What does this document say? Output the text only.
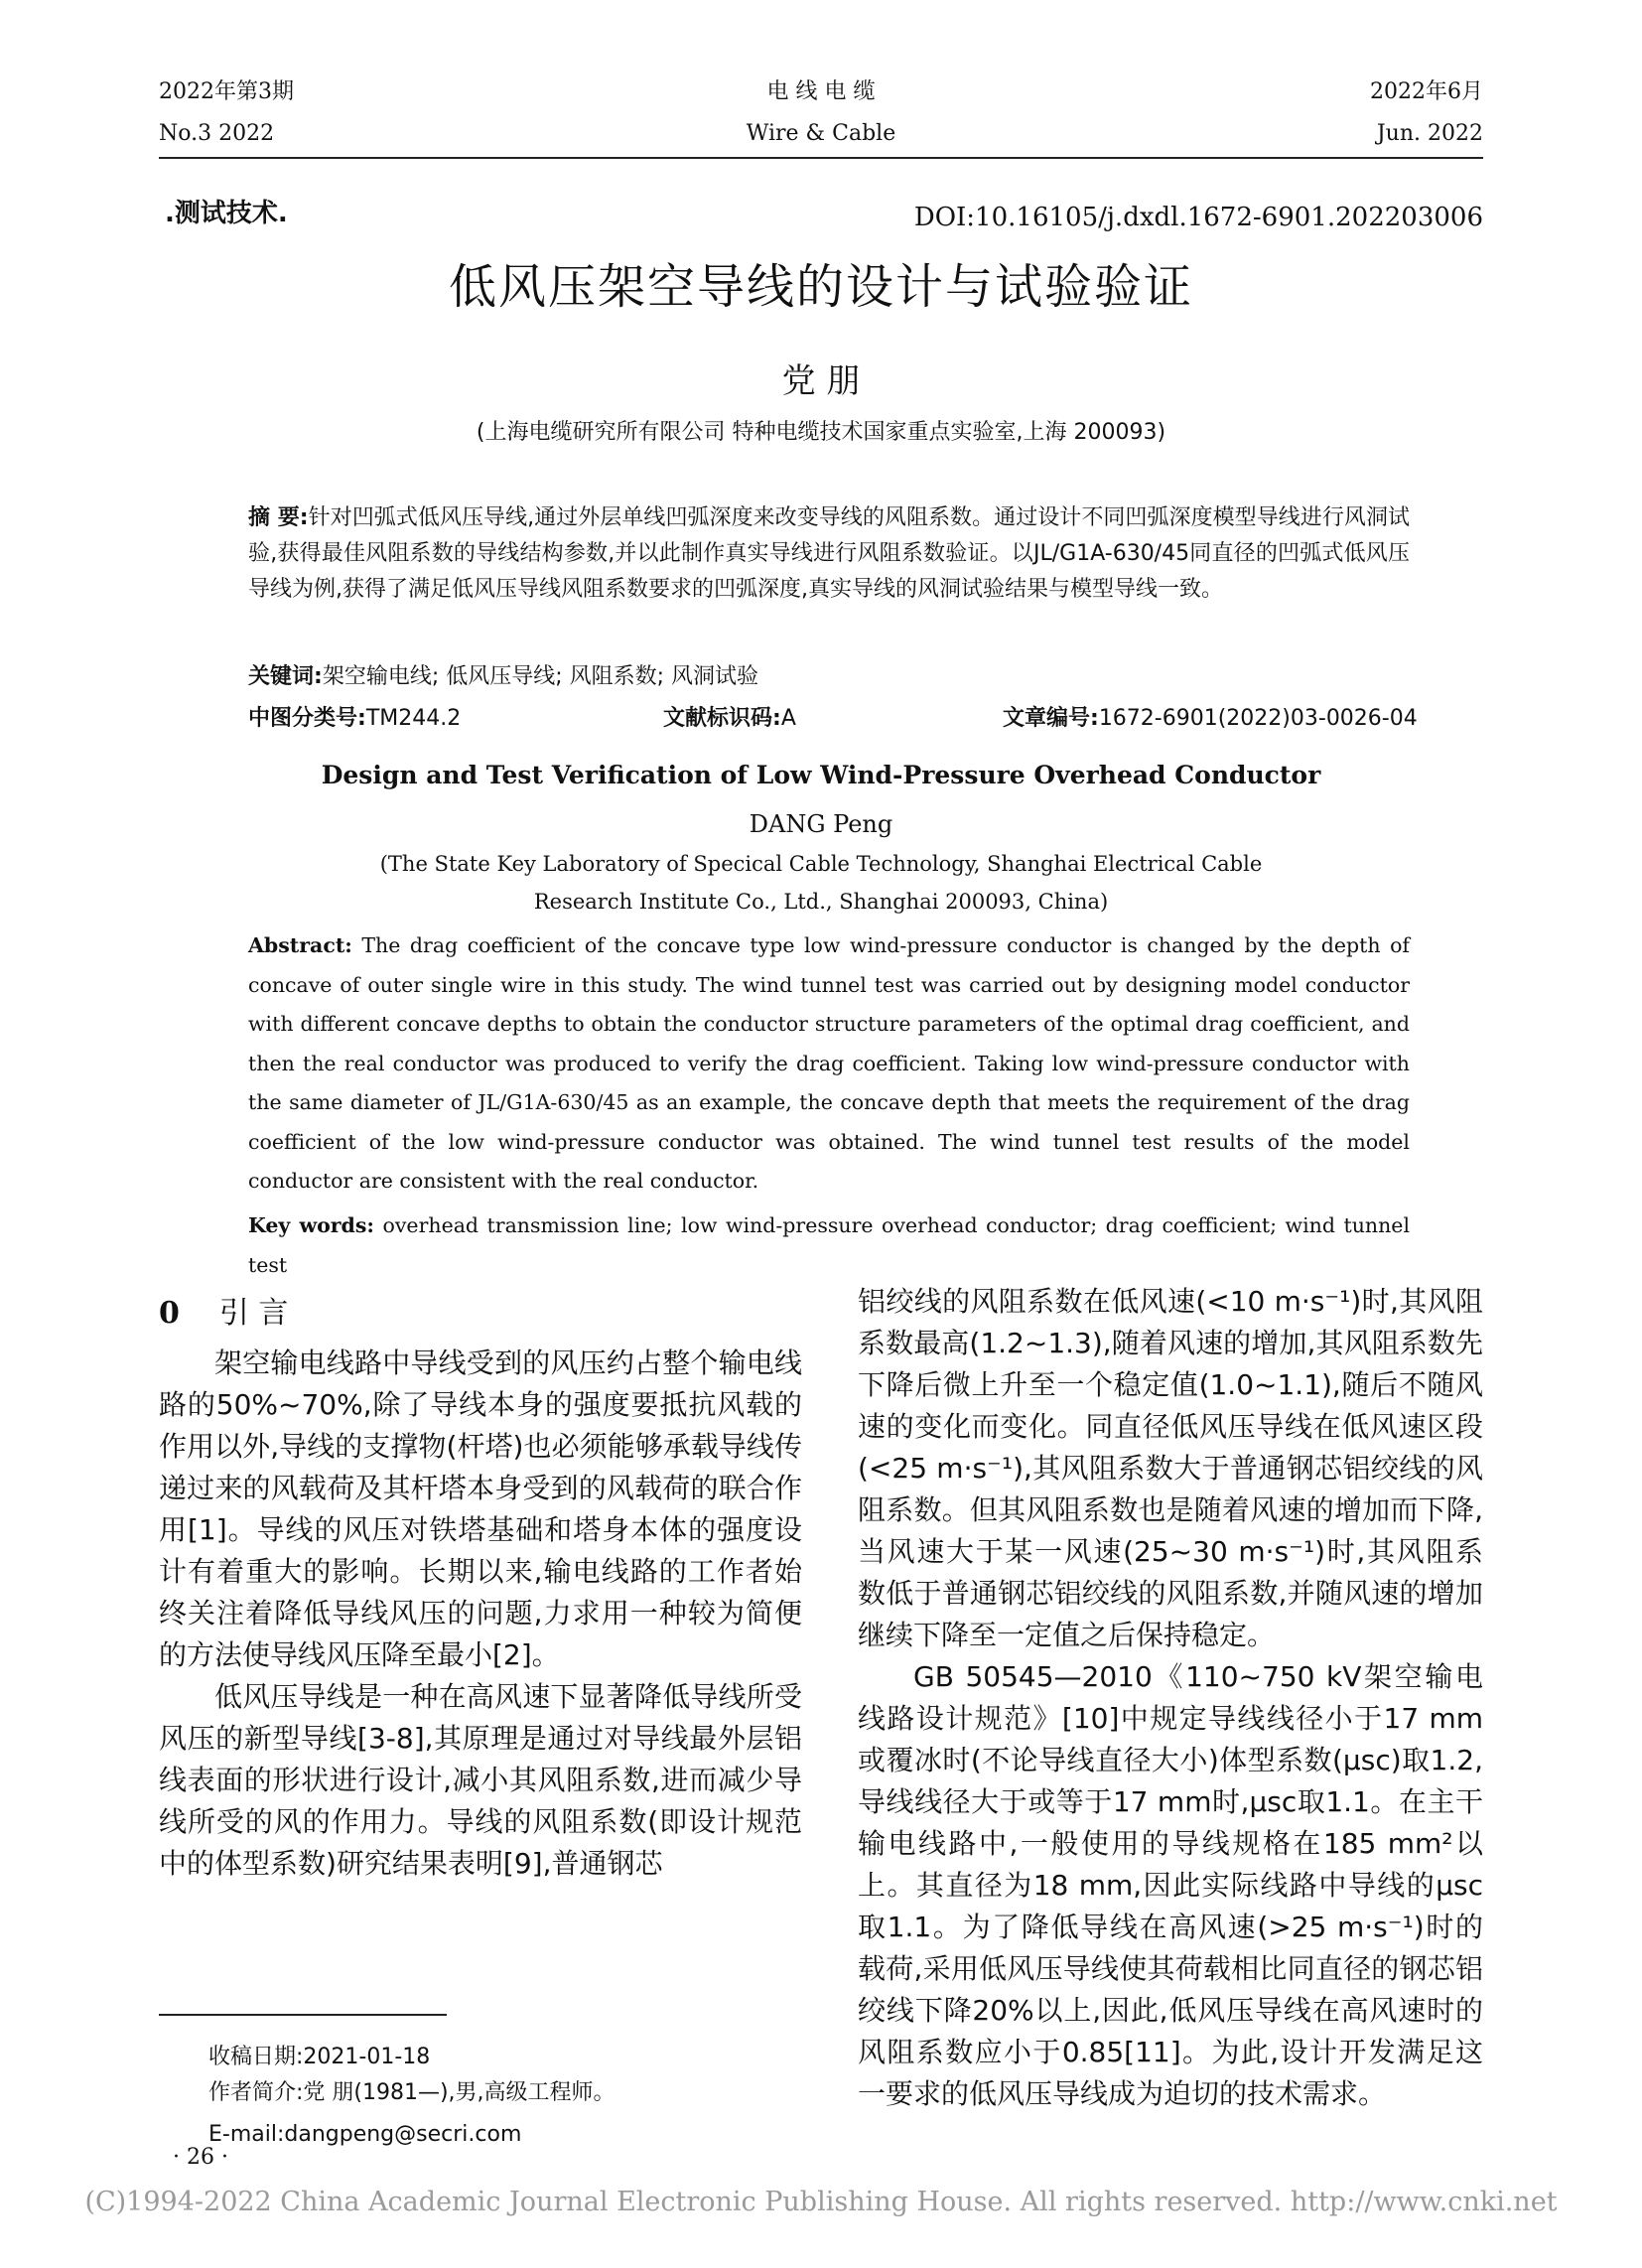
2022年第3期
No.3 2022
电 线 电 缆
Wire & Cable
2022年6月
Jun. 2022
.测试技术.	DOI:10.16105/j.dxdl.1672-6901.202203006
低风压架空导线的设计与试验验证
党 朋
(上海电缆研究所有限公司 特种电缆技术国家重点实验室,上海 200093)
摘 要:针对凹弧式低风压导线,通过外层单线凹弧深度来改变导线的风阻系数。通过设计不同凹弧深度模型导线进行风洞试验,获得最佳风阻系数的导线结构参数,并以此制作真实导线进行风阻系数验证。以JL/G1A-630/45同直径的凹弧式低风压导线为例,获得了满足低风压导线风阻系数要求的凹弧深度,真实导线的风洞试验结果与模型导线一致。
关键词:架空输电线; 低风压导线; 风阻系数; 风洞试验
中图分类号:TM244.2	文献标识码:A	文章编号:1672-6901(2022)03-0026-04
Design and Test Verification of Low Wind-Pressure Overhead Conductor
DANG Peng
(The State Key Laboratory of Specical Cable Technology, Shanghai Electrical Cable
Research Institute Co., Ltd., Shanghai 200093, China)
Abstract: The drag coefficient of the concave type low wind-pressure conductor is changed by the depth of concave of outer single wire in this study. The wind tunnel test was carried out by designing model conductor with different concave depths to obtain the conductor structure parameters of the optimal drag coefficient, and then the real conductor was produced to verify the drag coefficient. Taking low wind-pressure conductor with the same diameter of JL/G1A-630/45 as an example, the concave depth that meets the requirement of the drag coefficient of the low wind-pressure conductor was obtained. The wind tunnel test results of the model conductor are consistent with the real conductor.
Key words: overhead transmission line; low wind-pressure overhead conductor; drag coefficient; wind tunnel test

0 引 言

架空输电线路中导线受到的风压约占整个输电线路的50%~70%,除了导线本身的强度要抵抗风载的作用以外,导线的支撑物(杆塔)也必须能够承载导线传递过来的风载荷及其杆塔本身受到的风载荷的联合作用[1]。导线的风压对铁塔基础和塔身本体的强度设计有着重大的影响。长期以来,输电线路的工作者始终关注着降低导线风压的问题,力求用一种较为简便的方法使导线风压降至最小[2]。

低风压导线是一种在高风速下显著降低导线所受风压的新型导线[3-8],其原理是通过对导线最外层铝线表面的形状进行设计,减小其风阻系数,进而减少导线所受的风的作用力。导线的风阻系数(即设计规范中的体型系数)研究结果表明[9],普通钢芯

铝绞线的风阻系数在低风速(<10 m·s⁻¹)时,其风阻系数最高(1.2~1.3),随着风速的增加,其风阻系数先下降后微上升至一个稳定值(1.0~1.1),随后不随风速的变化而变化。同直径低风压导线在低风速区段(<25 m·s⁻¹),其风阻系数大于普通钢芯铝绞线的风阻系数。但其风阻系数也是随着风速的增加而下降,当风速大于某一风速(25~30 m·s⁻¹)时,其风阻系数低于普通钢芯铝绞线的风阻系数,并随风速的增加继续下降至一定值之后保持稳定。

GB 50545—2010《110~750 kV架空输电线路设计规范》[10]中规定导线线径小于17 mm或覆冰时(不论导线直径大小)体型系数(μsc)取1.2,导线线径大于或等于17 mm时,μsc取1.1。在主干输电线路中,一般使用的导线规格在185 mm²以上。其直径为18 mm,因此实际线路中导线的μsc取1.1。为了降低导线在高风速(>25 m·s⁻¹)时的载荷,采用低风压导线使其荷载相比同直径的钢芯铝绞线下降20%以上,因此,低风压导线在高风速时的风阻系数应小于0.85[11]。为此,设计开发满足这一要求的低风压导线成为迫切的技术需求。

收稿日期:2021-01-18
作者简介:党 朋(1981—),男,高级工程师。
E-mail:dangpeng@secri.com
· 26 ·
(C)1994-2022 China Academic Journal Electronic Publishing House. All rights reserved. http://www.cnki.net
